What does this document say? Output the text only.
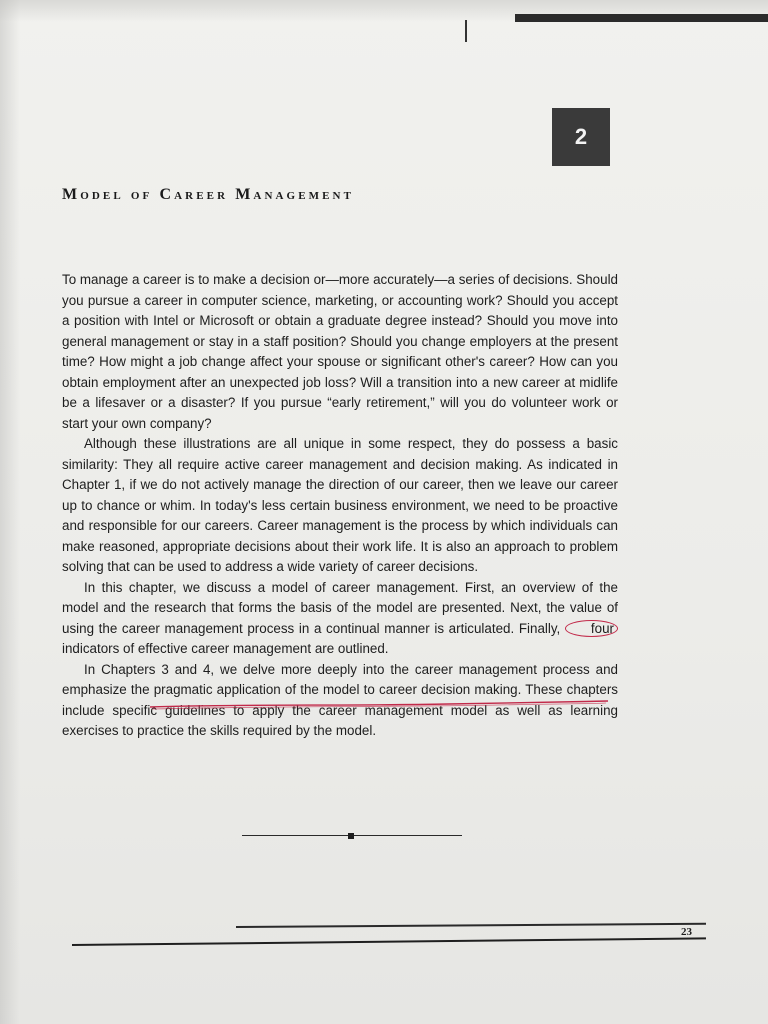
2
Model of Career Management

To manage a career is to make a decision or—more accurately—a series of decisions. Should you pursue a career in computer science, marketing, or accounting work? Should you accept a position with Intel or Microsoft or obtain a graduate degree instead? Should you move into general management or stay in a staff position? Should you change employers at the present time? How might a job change affect your spouse or significant other's career? How can you obtain employment after an unexpected job loss? Will a transition into a new career at midlife be a lifesaver or a disaster? If you pursue “early retirement,” will you do volunteer work or start your own company?

Although these illustrations are all unique in some respect, they do possess a basic similarity: They all require active career management and decision making. As indicated in Chapter 1, if we do not actively manage the direction of our career, then we leave our career up to chance or whim. In today's less certain business environment, we need to be proactive and responsible for our careers. Career management is the process by which individuals can make reasoned, appropriate decisions about their work life. It is also an approach to problem solving that can be used to address a wide variety of career decisions.

In this chapter, we discuss a model of career management. First, an overview of the model and the research that forms the basis of the model are presented. Next, the value of using the career management process in a continual manner is articulated. Finally, four indicators of effective career management are outlined.

In Chapters 3 and 4, we delve more deeply into the career management process and emphasize the pragmatic application of the model to career decision making. These chapters include specific guidelines to apply the career management model as well as learning exercises to practice the skills required by the model.

23
